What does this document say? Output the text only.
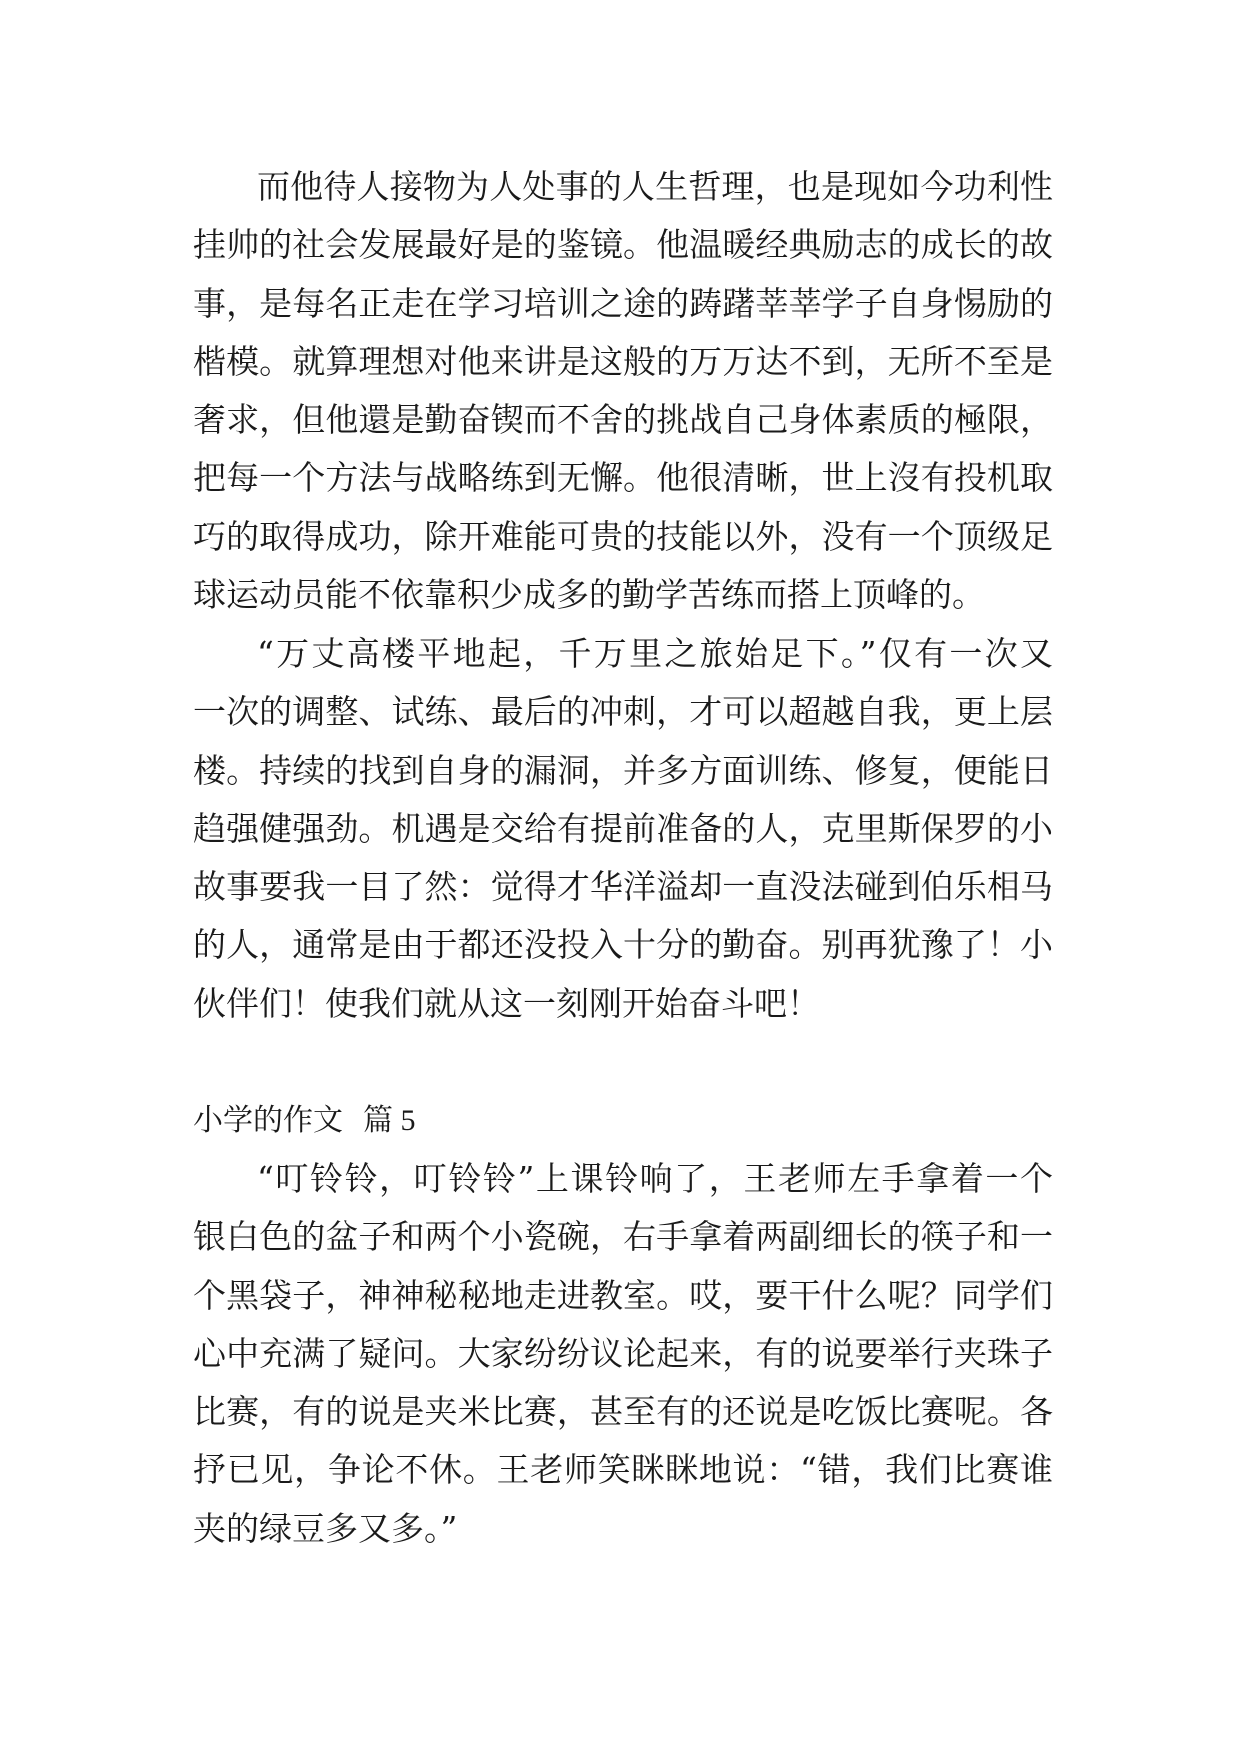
而他待人接物为人处事的人生哲理，也是现如今功利性
挂帅的社会发展最好是的鉴镜。他温暖经典励志的成长的故
事，是每名正走在学习培训之途的踌躇莘莘学子自身惕励的
楷模。就算理想对他来讲是这般的万万达不到，无所不至是
奢求，但他還是勤奋锲而不舍的挑战自己身体素质的極限，
把每一个方法与战略练到无懈。他很清晰，世上沒有投机取
巧的取得成功，除开难能可贵的技能以外，没有一个顶级足
球运动员能不依靠积少成多的勤学苦练而搭上顶峰的。
“万丈高楼平地起，千万里之旅始足下。”仅有一次又
一次的调整、试练、最后的冲刺，才可以超越自我，更上层
楼。持续的找到自身的漏洞，并多方面训练、修复，便能日
趋强健强劲。机遇是交给有提前准备的人，克里斯保罗的小
故事要我一目了然：觉得才华洋溢却一直没法碰到伯乐相马
的人，通常是由于都还没投入十分的勤奋。别再犹豫了！小
伙伴们！使我们就从这一刻刚开始奋斗吧！
小学的作文 篇 5
“叮铃铃，叮铃铃”上课铃响了，王老师左手拿着一个
银白色的盆子和两个小瓷碗，右手拿着两副细长的筷子和一
个黑袋子，神神秘秘地走进教室。哎，要干什么呢？同学们
心中充满了疑问。大家纷纷议论起来，有的说要举行夹珠子
比赛，有的说是夹米比赛，甚至有的还说是吃饭比赛呢。各
抒已见，争论不休。王老师笑眯眯地说：“错，我们比赛谁
夹的绿豆多又多。”
